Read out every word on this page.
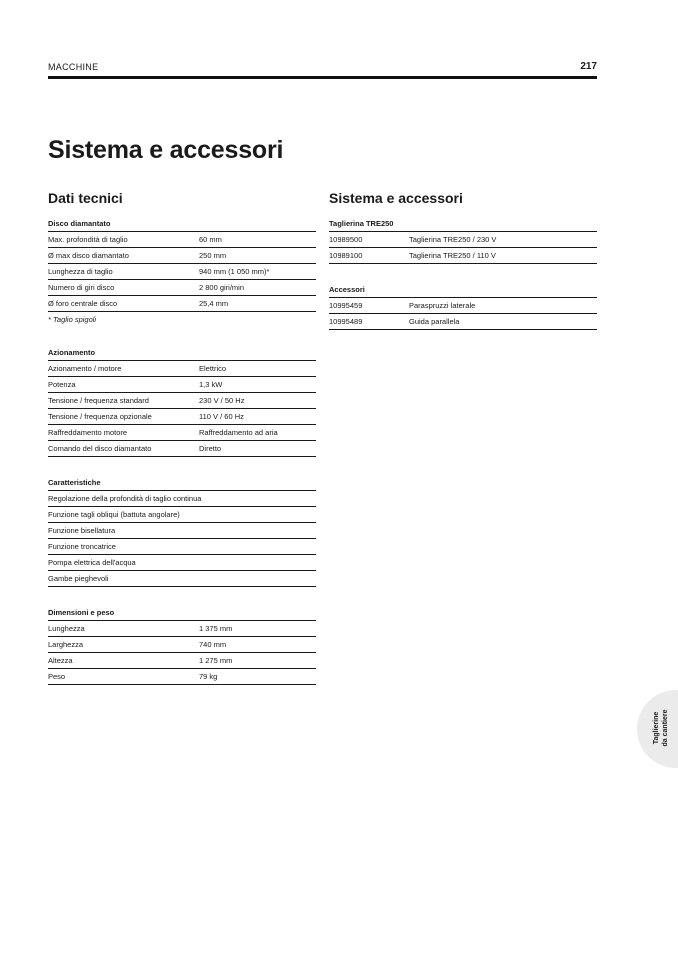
MACCHINE	217
Sistema e accessori
Dati tecnici
Disco diamantato
Max. profondità di taglio	60 mm
Ø max disco diamantato	250 mm
Lunghezza di taglio	940 mm (1 050 mm)*
Numero di giri disco	2 800 giri/min
Ø foro centrale disco	25,4 mm
* Taglio spigoli
Azionamento
Azionamento / motore	Elettrico
Potenza	1,3 kW
Tensione / frequenza standard	230 V / 50 Hz
Tensione / frequenza opzionale	110 V / 60 Hz
Raffreddamento motore	Raffreddamento ad aria
Comando del disco diamantato	Diretto
Caratteristiche
Regolazione della profondità di taglio continua
Funzione tagli obliqui (battuta angolare)
Funzione bisellatura
Funzione troncatrice
Pompa elettrica dell'acqua
Gambe pieghevoli
Dimensioni e peso
Lunghezza	1 375 mm
Larghezza	740 mm
Altezza	1 275 mm
Peso	79 kg
Sistema e accessori
Taglierina TRE250
10989500	Taglierina TRE250 / 230 V
10989100	Taglierina TRE250 / 110 V
Accessori
10995459	Paraspruzzi laterale
10995489	Guida parallela
Taglierine da cantiere
